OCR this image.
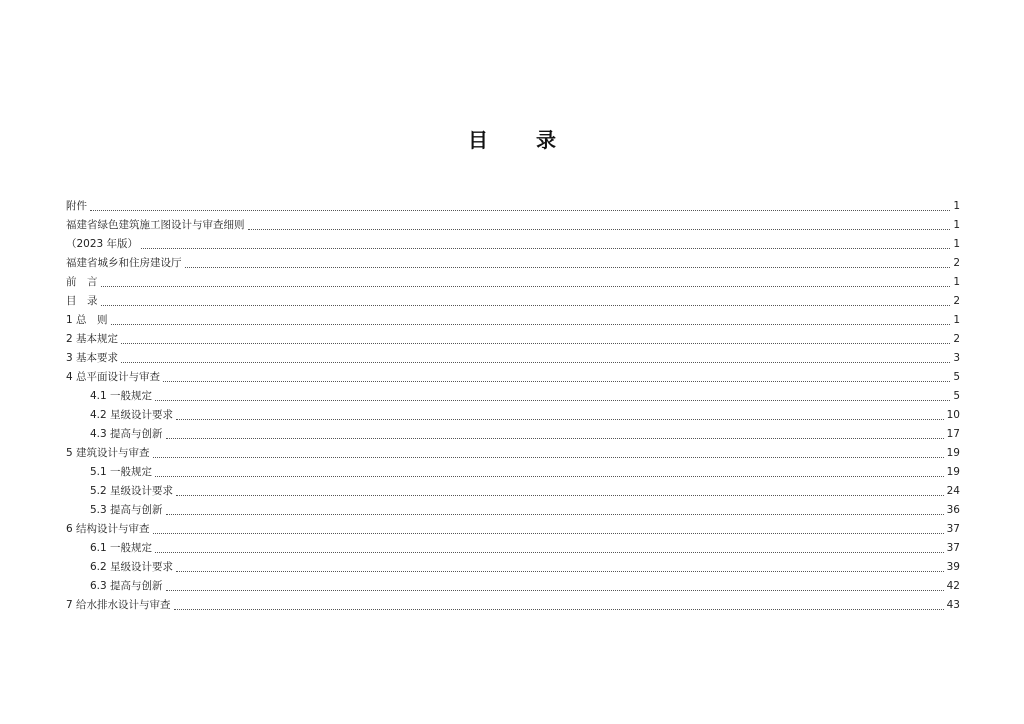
目　录
附件	1
福建省绿色建筑施工图设计与审查细则	1
（2023 年版）	1
福建省城乡和住房建设厅	2
前　言	1
目　录	2
1 总　则	1
2 基本规定	2
3 基本要求	3
4 总平面设计与审查	5
4.1 一般规定	5
4.2 星级设计要求	10
4.3 提高与创新	17
5 建筑设计与审查	19
5.1 一般规定	19
5.2 星级设计要求	24
5.3 提高与创新	36
6 结构设计与审查	37
6.1 一般规定	37
6.2 星级设计要求	39
6.3 提高与创新	42
7 给水排水设计与审查	43
